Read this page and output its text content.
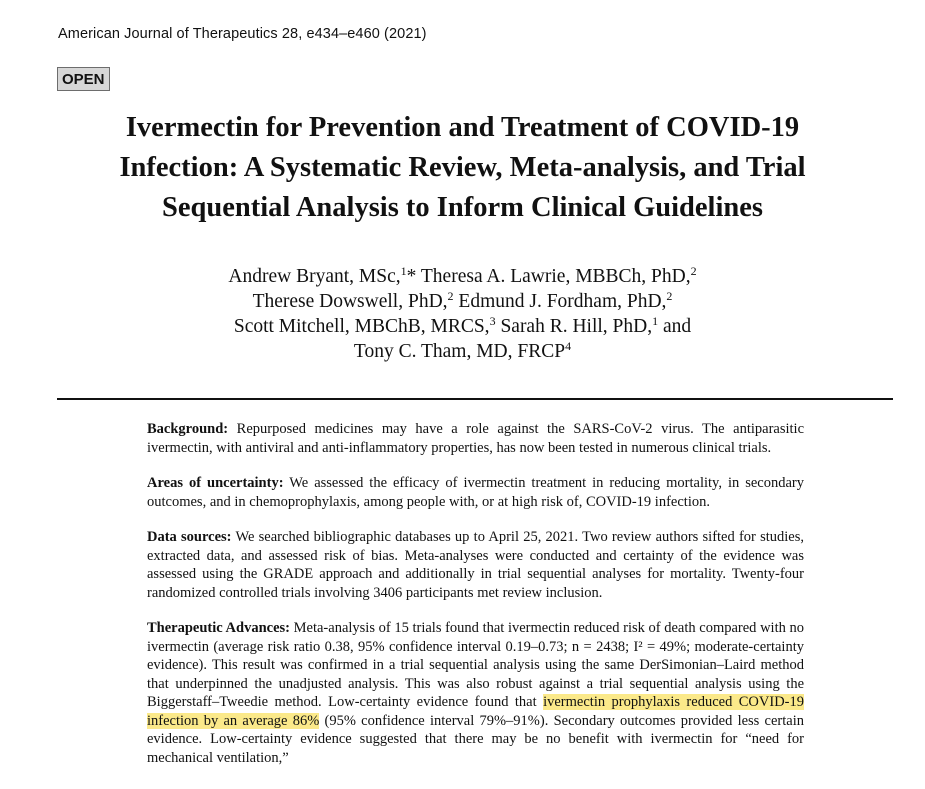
American Journal of Therapeutics 28, e434–e460 (2021)
OPEN
Ivermectin for Prevention and Treatment of COVID-19
Infection: A Systematic Review, Meta-analysis, and Trial
Sequential Analysis to Inform Clinical Guidelines
Andrew Bryant, MSc,$^1$* Theresa A. Lawrie, MBBCh, PhD,$^2$
Therese Dowswell, PhD,$^2$ Edmund J. Fordham, PhD,$^2$
Scott Mitchell, MBChB, MRCS,$^3$ Sarah R. Hill, PhD,$^1$ and
Tony C. Tham, MD, FRCP$^4$

Background: Repurposed medicines may have a role against the SARS-CoV-2 virus. The antiparasitic ivermectin, with antiviral and anti-inflammatory properties, has now been tested in numerous clinical trials.

Areas of uncertainty: We assessed the efficacy of ivermectin treatment in reducing mortality, in secondary outcomes, and in chemoprophylaxis, among people with, or at high risk of, COVID-19 infection.

Data sources: We searched bibliographic databases up to April 25, 2021. Two review authors sifted for studies, extracted data, and assessed risk of bias. Meta-analyses were conducted and certainty of the evidence was assessed using the GRADE approach and additionally in trial sequential analyses for mortality. Twenty-four randomized controlled trials involving 3406 participants met review inclusion.

Therapeutic Advances: Meta-analysis of 15 trials found that ivermectin reduced risk of death compared with no ivermectin (average risk ratio 0.38, 95% confidence interval 0.19–0.73; n = 2438; I² = 49%; moderate-certainty evidence). This result was confirmed in a trial sequential analysis using the same DerSimonian–Laird method that underpinned the unadjusted analysis. This was also robust against a trial sequential analysis using the Biggerstaff–Tweedie method. Low-certainty evidence found that ivermectin prophylaxis reduced COVID-19 infection by an average 86% (95% confidence interval 79%–91%). Secondary outcomes provided less certain evidence. Low-certainty evidence suggested that there may be no benefit with ivermectin for “need for mechanical ventilation,”
